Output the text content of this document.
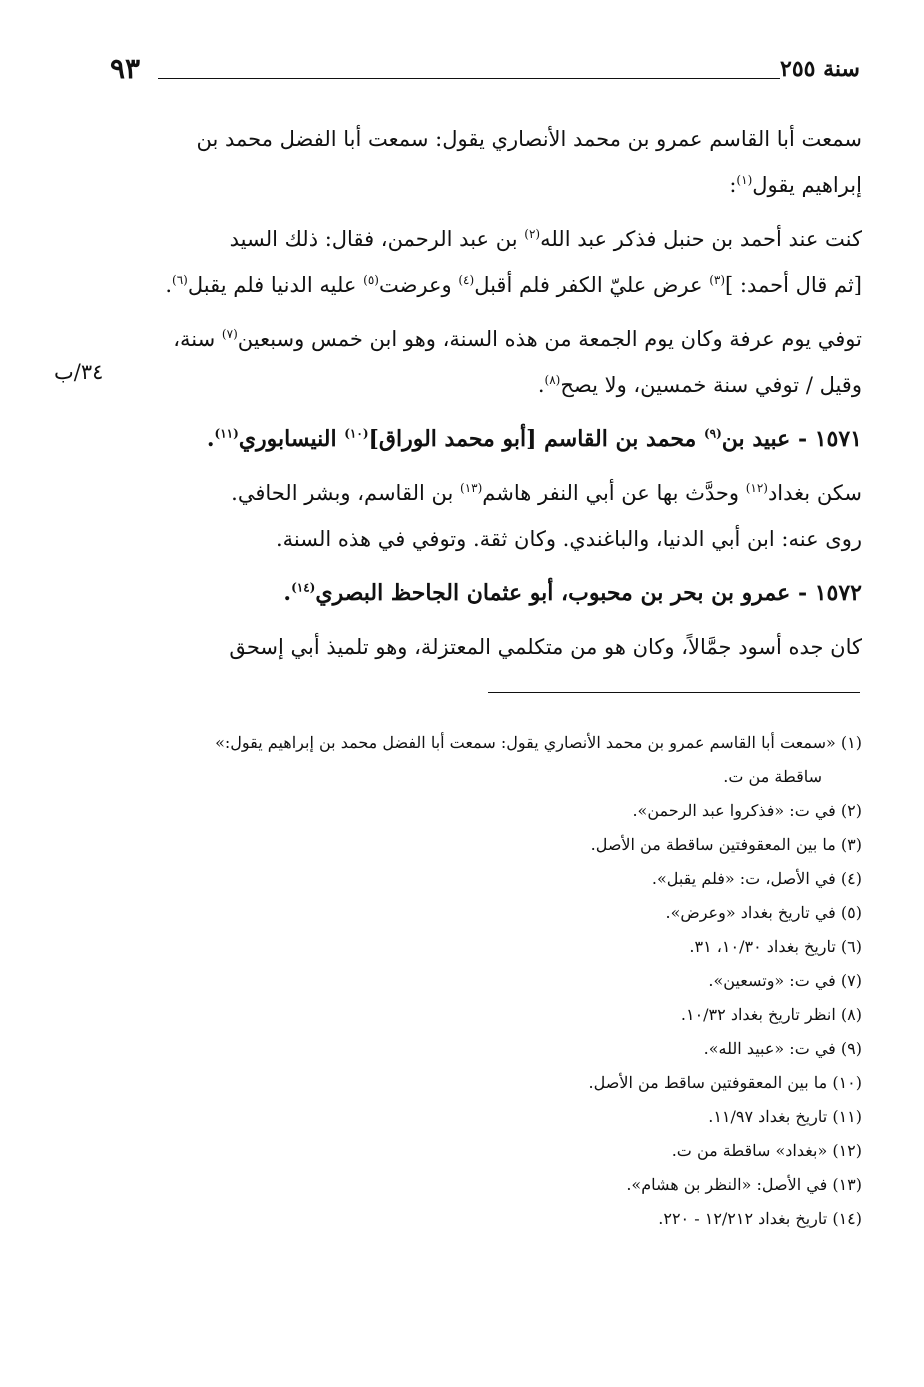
سنة ٢٥٥
٩٣
٣٤/ب

سمعت أبا القاسم عمرو بن محمد الأنصاري يقول: سمعت أبا الفضل محمد بن
إبراهيم يقول$^{(١)}$:

كنت عند أحمد بن حنبل فذكر عبد الله$^{(٢)}$ بن عبد الرحمن، فقال: ذلك السيد
[ثم قال أحمد: ]$^{(٣)}$ عرض عليّ الكفر فلم أقبل$^{(٤)}$ وعرضت$^{(٥)}$ عليه الدنيا فلم يقبل$^{(٦)}$.

توفي يوم عرفة وكان يوم الجمعة من هذه السنة، وهو ابن خمس وسبعين$^{(٧)}$ سنة،
وقيل / توفي سنة خمسين، ولا يصح$^{(٨)}$.

١٥٧١ - عبيد بن$^{(٩)}$ محمد بن القاسم [أبو محمد الوراق]$^{(١٠)}$ النيسابوري$^{(١١)}$.

سكن بغداد$^{(١٢)}$ وحدَّث بها عن أبي النفر هاشم$^{(١٣)}$ بن القاسم، وبشر الحافي.
روى عنه: ابن أبي الدنيا، والباغندي. وكان ثقة. وتوفي في هذه السنة.

١٥٧٢ - عمرو بن بحر بن محبوب، أبو عثمان الجاحظ البصري$^{(١٤)}$.

كان جده أسود جمَّالاً، وكان هو من متكلمي المعتزلة، وهو تلميذ أبي إسحق

(١) «سمعت أبا القاسم عمرو بن محمد الأنصاري يقول: سمعت أبا الفضل محمد بن إبراهيم يقول:»

ساقطة من ت.

(٢) في ت: «فذكروا عبد الرحمن».

(٣) ما بين المعقوفتين ساقطة من الأصل.

(٤) في الأصل، ت: «فلم يقبل».

(٥) في تاريخ بغداد «وعرض».

(٦) تاريخ بغداد ١٠/٣٠، ٣١.

(٧) في ت: «وتسعين».

(٨) انظر تاريخ بغداد ١٠/٣٢.

(٩) في ت: «عبيد الله».

(١٠) ما بين المعقوفتين ساقط من الأصل.

(١١) تاريخ بغداد ١١/٩٧.

(١٢) «بغداد» ساقطة من ت.

(١٣) في الأصل: «النظر بن هشام».

(١٤) تاريخ بغداد ١٢/٢١٢ - ٢٢٠.
